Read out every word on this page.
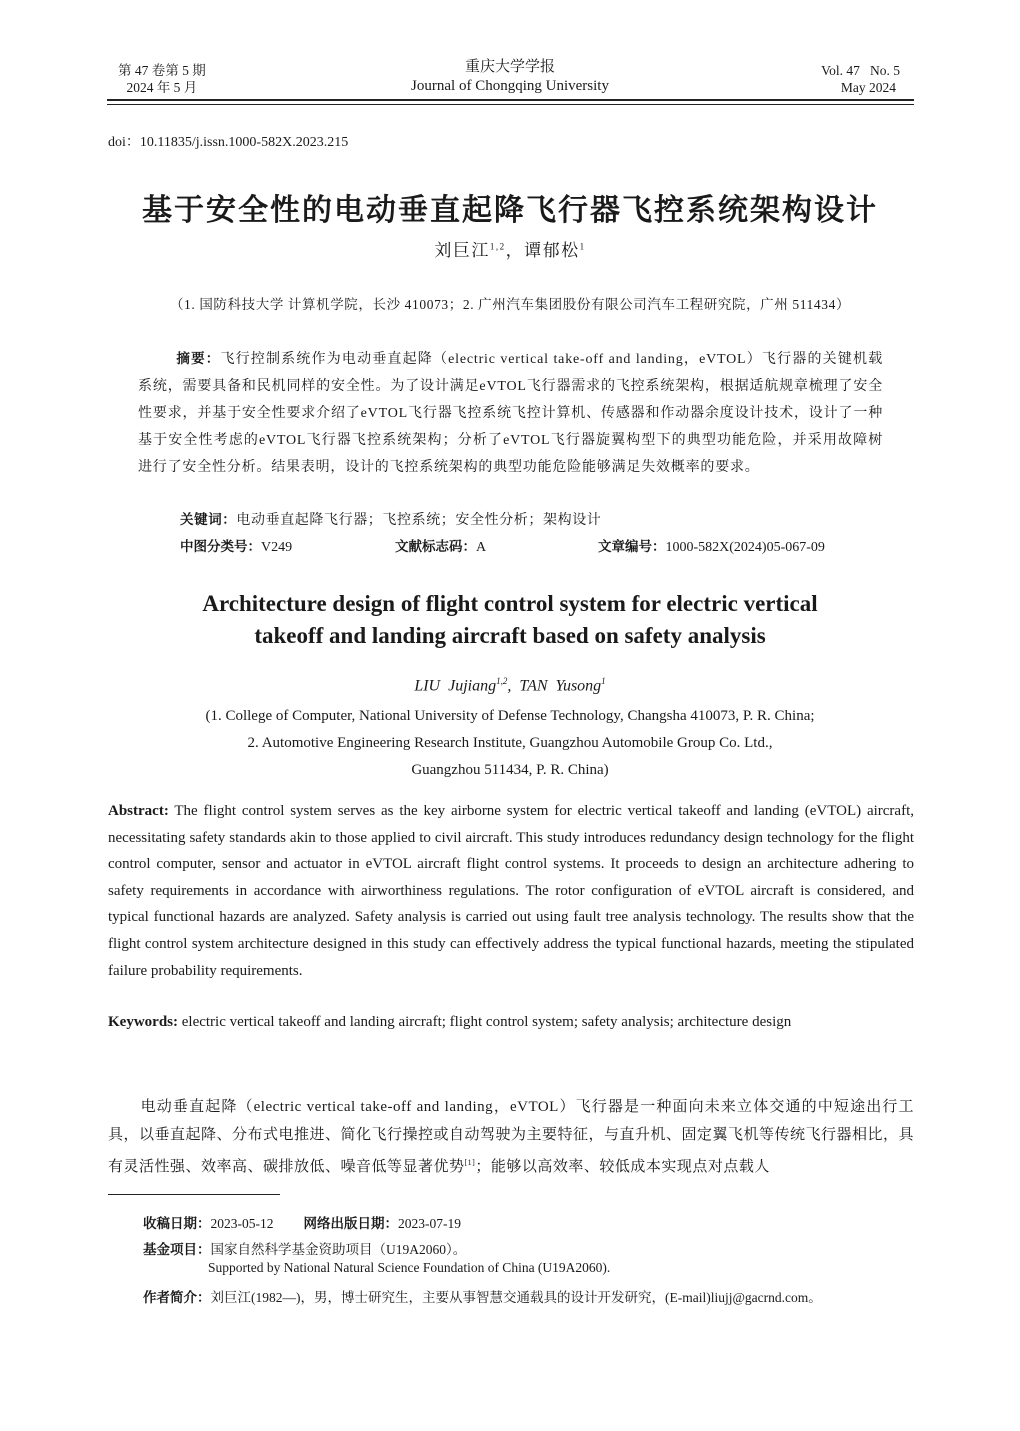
第 47 卷第 5 期
2024 年 5 月
重庆大学学报
Journal of Chongqing University
Vol. 47   No. 5
May 2024
doi：10.11835/j.issn.1000-582X.2023.215
基于安全性的电动垂直起降飞行器飞控系统架构设计
刘巨江$^{1,2}$，谭郁松$^1$
（1. 国防科技大学 计算机学院，长沙 410073；2. 广州汽车集团股份有限公司汽车工程研究院，广州 511434）
摘要：飞行控制系统作为电动垂直起降（electric vertical take-off and landing，eVTOL）飞行器的关键机载系统，需要具备和民机同样的安全性。为了设计满足eVTOL飞行器需求的飞控系统架构，根据适航规章梳理了安全性要求，并基于安全性要求介绍了eVTOL飞行器飞控系统飞控计算机、传感器和作动器余度设计技术，设计了一种基于安全性考虑的eVTOL飞行器飞控系统架构；分析了eVTOL飞行器旋翼构型下的典型功能危险，并采用故障树进行了安全性分析。结果表明，设计的飞控系统架构的典型功能危险能够满足失效概率的要求。
关键词：电动垂直起降飞行器；飞控系统；安全性分析；架构设计
中图分类号：V249	文献标志码：A	文章编号：1000-582X(2024)05-067-09
Architecture design of flight control system for electric vertical
takeoff and landing aircraft based on safety analysis
LIU  Jujiang$^{1,2}$,  TAN  Yusong$^1$
(1. College of Computer, National University of Defense Technology, Changsha 410073, P. R. China;
2. Automotive Engineering Research Institute, Guangzhou Automobile Group Co. Ltd.,
Guangzhou 511434, P. R. China)
Abstract: The flight control system serves as the key airborne system for electric vertical takeoff and landing (eVTOL) aircraft, necessitating safety standards akin to those applied to civil aircraft. This study introduces redundancy design technology for the flight control computer, sensor and actuator in eVTOL aircraft flight control systems. It proceeds to design an architecture adhering to safety requirements in accordance with airworthiness regulations. The rotor configuration of eVTOL aircraft is considered, and typical functional hazards are analyzed. Safety analysis is carried out using fault tree analysis technology. The results show that the flight control system architecture designed in this study can effectively address the typical functional hazards, meeting the stipulated failure probability requirements.
Keywords: electric vertical takeoff and landing aircraft; flight control system; safety analysis; architecture design
电动垂直起降（electric vertical take-off and landing，eVTOL）飞行器是一种面向未来立体交通的中短途出行工具，以垂直起降、分布式电推进、简化飞行操控或自动驾驶为主要特征，与直升机、固定翼飞机等传统飞行器相比，具有灵活性强、效率高、碳排放低、噪音低等显著优势[1]；能够以高效率、较低成本实现点对点载人
收稿日期：2023-05-12 网络出版日期：2023-07-19
基金项目：国家自然科学基金资助项目（U19A2060）。
Supported by National Natural Science Foundation of China (U19A2060).
作者简介：刘巨江(1982—)，男，博士研究生，主要从事智慧交通载具的设计开发研究，(E-mail)liujj@gacrnd.com。
